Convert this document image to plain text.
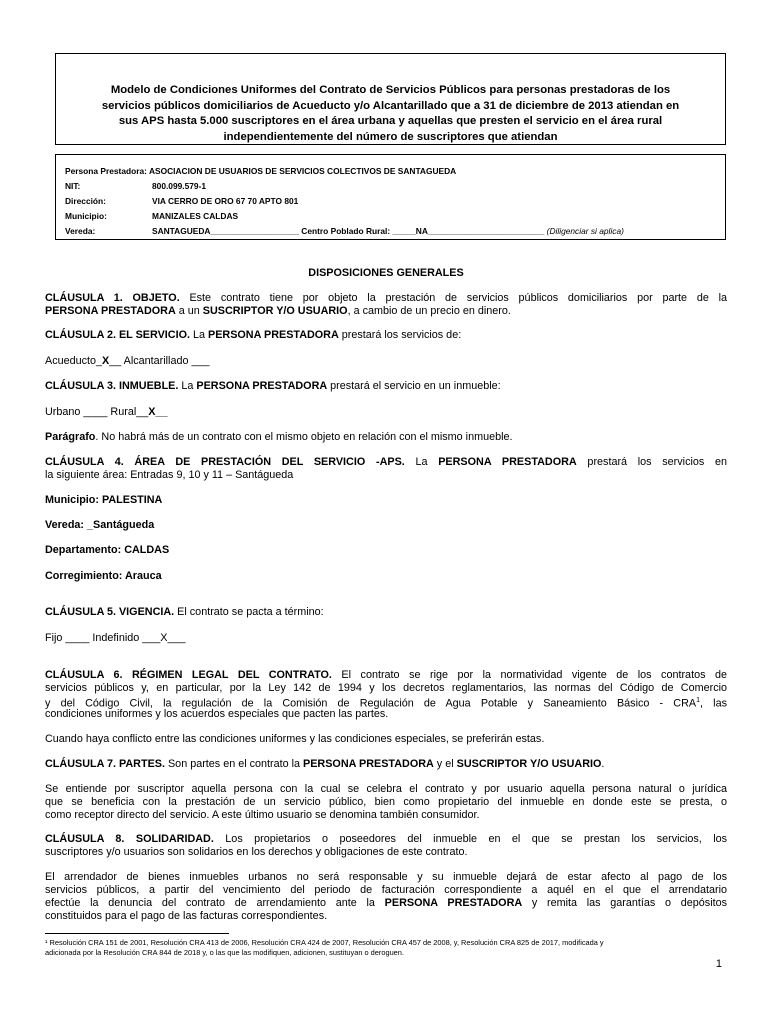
Modelo de Condiciones Uniformes del Contrato de Servicios Públicos para personas prestadoras de los
servicios públicos domiciliarios de Acueducto y/o Alcantarillado que a 31 de diciembre de 2013 atiendan en
sus APS hasta 5.000 suscriptores en el área urbana y aquellas que presten el servicio en el área rural
independientemente del número de suscriptores que atiendan
Persona Prestadora: ASOCIACION DE USUARIOS DE SERVICIOS COLECTIVOS DE SANTAGUEDA
NIT:	800.099.579-1
Dirección:	VIA CERRO DE ORO 67 70 APTO 801
Municipio:	MANIZALES CALDAS
Vereda:	SANTAGUEDA___________________ Centro Poblado Rural: _____NA_________________________ (Diligenciar si aplica)
DISPOSICIONES GENERALES
CLÁUSULA 1. OBJETO. Este contrato tiene por objeto la prestación de servicios públicos domiciliarios por parte de la
PERSONA PRESTADORA a un SUSCRIPTOR Y/O USUARIO, a cambio de un precio en dinero.
CLÁUSULA 2. EL SERVICIO. La PERSONA PRESTADORA prestará los servicios de:
Acueducto_X__ Alcantarillado ___
CLÁUSULA 3. INMUEBLE. La PERSONA PRESTADORA prestará el servicio en un inmueble:
Urbano ____ Rural__X__
Parágrafo. No habrá más de un contrato con el mismo objeto en relación con el mismo inmueble.
CLÁUSULA 4. ÁREA DE PRESTACIÓN DEL SERVICIO -APS. La PERSONA PRESTADORA prestará los servicios en
la siguiente área: Entradas 9, 10 y 11 – Santágueda
Municipio: PALESTINA
Vereda: _Santágueda
Departamento: CALDAS
Corregimiento: Arauca
CLÁUSULA 5. VIGENCIA. El contrato se pacta a término:
Fijo ____ Indefinido ___X___
CLÁUSULA 6. RÉGIMEN LEGAL DEL CONTRATO. El contrato se rige por la normatividad vigente de los contratos de
servicios públicos y, en particular, por la Ley 142 de 1994 y los decretos reglamentarios, las normas del Código de Comercio
y del Código Civil, la regulación de la Comisión de Regulación de Agua Potable y Saneamiento Básico - CRA$^1$, las
condiciones uniformes y los acuerdos especiales que pacten las partes.
Cuando haya conflicto entre las condiciones uniformes y las condiciones especiales, se preferirán estas.
CLÁUSULA 7. PARTES. Son partes en el contrato la PERSONA PRESTADORA y el SUSCRIPTOR Y/O USUARIO.
Se entiende por suscriptor aquella persona con la cual se celebra el contrato y por usuario aquella persona natural o jurídica
que se beneficia con la prestación de un servicio público, bien como propietario del inmueble en donde este se presta, o
como receptor directo del servicio. A este último usuario se denomina también consumidor.
CLÁUSULA 8. SOLIDARIDAD. Los propietarios o poseedores del inmueble en el que se prestan los servicios, los
suscriptores y/o usuarios son solidarios en los derechos y obligaciones de este contrato.
El arrendador de bienes inmuebles urbanos no será responsable y su inmueble dejará de estar afecto al pago de los
servicios públicos, a partir del vencimiento del periodo de facturación correspondiente a aquél en el que el arrendatario
efectúe la denuncia del contrato de arrendamiento ante la PERSONA PRESTADORA y remita las garantías o depósitos
constituidos para el pago de las facturas correspondientes.
¹ Resolución CRA 151 de 2001, Resolución CRA 413 de 2006, Resolución CRA 424 de 2007, Resolución CRA 457 de 2008, y, Resolución CRA 825 de 2017, modificada y
adicionada por la Resolución CRA 844 de 2018 y, o las que las modifiquen, adicionen, sustituyan o deroguen.
1
